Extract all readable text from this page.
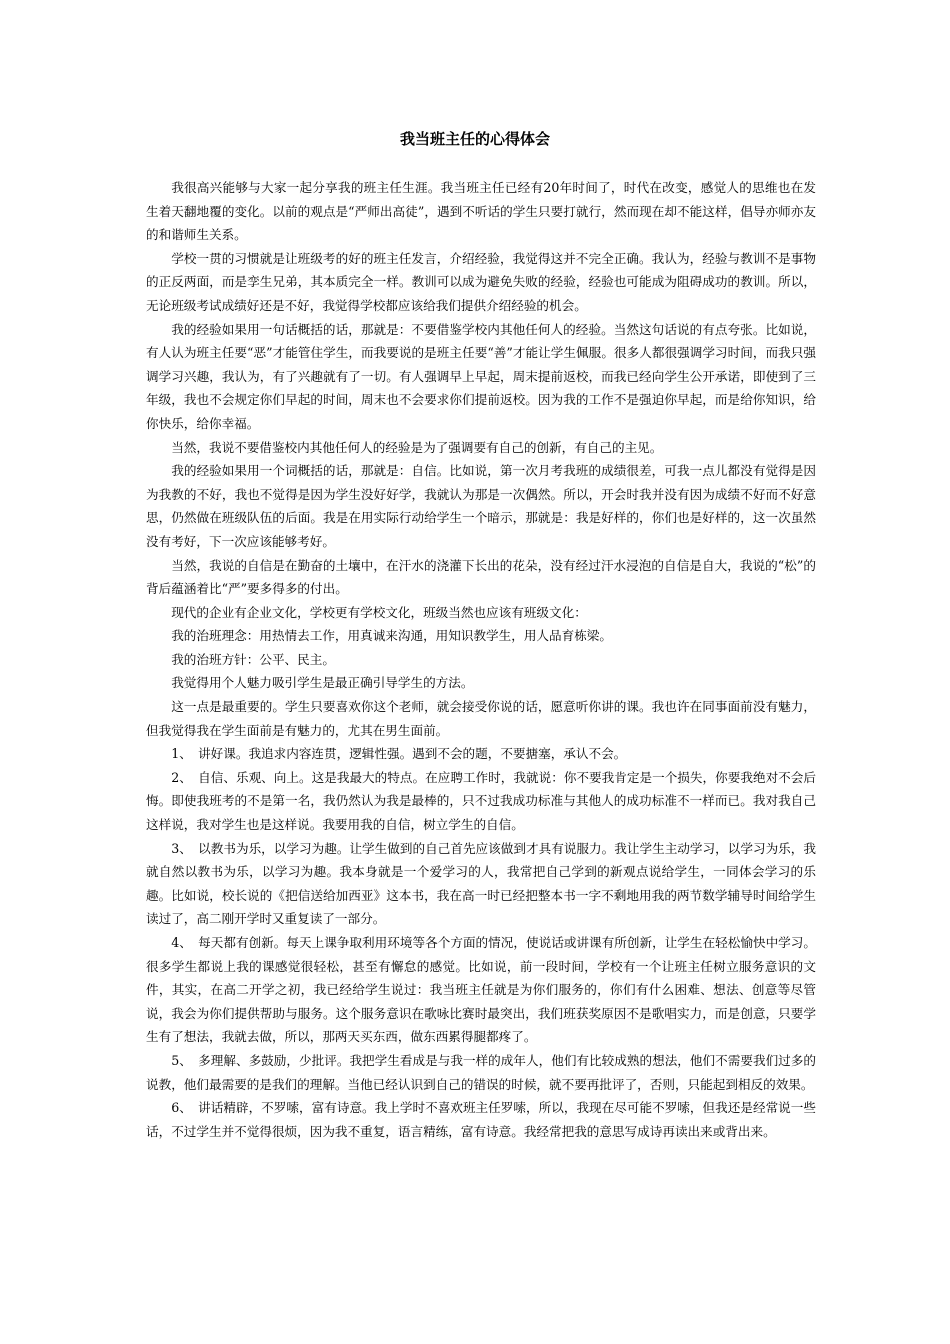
我当班主任的心得体会

我很高兴能够与大家一起分享我的班主任生涯。我当班主任已经有20年时间了，时代在改变，感觉人的思维也在发生着天翻地覆的变化。以前的观点是“严师出高徒”，遇到不听话的学生只要打就行，然而现在却不能这样，倡导亦师亦友的和谐师生关系。

学校一贯的习惯就是让班级考的好的班主任发言，介绍经验，我觉得这并不完全正确。我认为，经验与教训不是事物的正反两面，而是孪生兄弟，其本质完全一样。教训可以成为避免失败的经验，经验也可能成为阻碍成功的教训。所以，无论班级考试成绩好还是不好，我觉得学校都应该给我们提供介绍经验的机会。

我的经验如果用一句话概括的话，那就是：不要借鉴学校内其他任何人的经验。当然这句话说的有点夸张。比如说，有人认为班主任要“恶”才能管住学生，而我要说的是班主任要“善”才能让学生佩服。很多人都很强调学习时间，而我只强调学习兴趣，我认为，有了兴趣就有了一切。有人强调早上早起，周末提前返校，而我已经向学生公开承诺，即使到了三年级，我也不会规定你们早起的时间，周末也不会要求你们提前返校。因为我的工作不是强迫你早起，而是给你知识，给你快乐，给你幸福。

当然，我说不要借鉴校内其他任何人的经验是为了强调要有自己的创新，有自己的主见。

我的经验如果用一个词概括的话，那就是：自信。比如说，第一次月考我班的成绩很差，可我一点儿都没有觉得是因为我教的不好，我也不觉得是因为学生没好好学，我就认为那是一次偶然。所以，开会时我并没有因为成绩不好而不好意思，仍然做在班级队伍的后面。我是在用实际行动给学生一个暗示，那就是：我是好样的，你们也是好样的，这一次虽然没有考好，下一次应该能够考好。

当然，我说的自信是在勤奋的土壤中，在汗水的浇灌下长出的花朵，没有经过汗水浸泡的自信是自大，我说的“松”的背后蕴涵着比“严”要多得多的付出。

现代的企业有企业文化，学校更有学校文化，班级当然也应该有班级文化：

我的治班理念：用热情去工作，用真诚来沟通，用知识教学生，用人品育栋梁。

我的治班方针：公平、民主。

我觉得用个人魅力吸引学生是最正确引导学生的方法。

这一点是最重要的。学生只要喜欢你这个老师，就会接受你说的话，愿意听你讲的课。我也许在同事面前没有魅力，但我觉得我在学生面前是有魅力的，尤其在男生面前。

1、　讲好课。我追求内容连贯，逻辑性强。遇到不会的题，不要搪塞，承认不会。

2、　自信、乐观、向上。这是我最大的特点。在应聘工作时，我就说：你不要我肯定是一个损失，你要我绝对不会后悔。即使我班考的不是第一名，我仍然认为我是最棒的，只不过我成功标准与其他人的成功标准不一样而已。我对我自己这样说，我对学生也是这样说。我要用我的自信，树立学生的自信。

3、　以教书为乐，以学习为趣。让学生做到的自己首先应该做到才具有说服力。我让学生主动学习，以学习为乐，我就自然以教书为乐，以学习为趣。我本身就是一个爱学习的人，我常把自己学到的新观点说给学生，一同体会学习的乐趣。比如说，校长说的《把信送给加西亚》这本书，我在高一时已经把整本书一字不剩地用我的两节数学辅导时间给学生读过了，高二刚开学时又重复读了一部分。

4、　每天都有创新。每天上课争取利用环境等各个方面的情况，使说话或讲课有所创新，让学生在轻松愉快中学习。很多学生都说上我的课感觉很轻松，甚至有懈怠的感觉。比如说，前一段时间，学校有一个让班主任树立服务意识的文件，其实，在高二开学之初，我已经给学生说过：我当班主任就是为你们服务的，你们有什么困难、想法、创意等尽管说，我会为你们提供帮助与服务。这个服务意识在歌咏比赛时最突出，我们班获奖原因不是歌唱实力，而是创意，只要学生有了想法，我就去做，所以，那两天买东西，做东西累得腿都疼了。

5、　多理解、多鼓励，少批评。我把学生看成是与我一样的成年人，他们有比较成熟的想法，他们不需要我们过多的说教，他们最需要的是我们的理解。当他已经认识到自己的错误的时候，就不要再批评了，否则，只能起到相反的效果。

6、　讲话精辟，不罗嗦，富有诗意。我上学时不喜欢班主任罗嗦，所以，我现在尽可能不罗嗦，但我还是经常说一些话，不过学生并不觉得很烦，因为我不重复，语言精练，富有诗意。我经常把我的意思写成诗再读出来或背出来。
